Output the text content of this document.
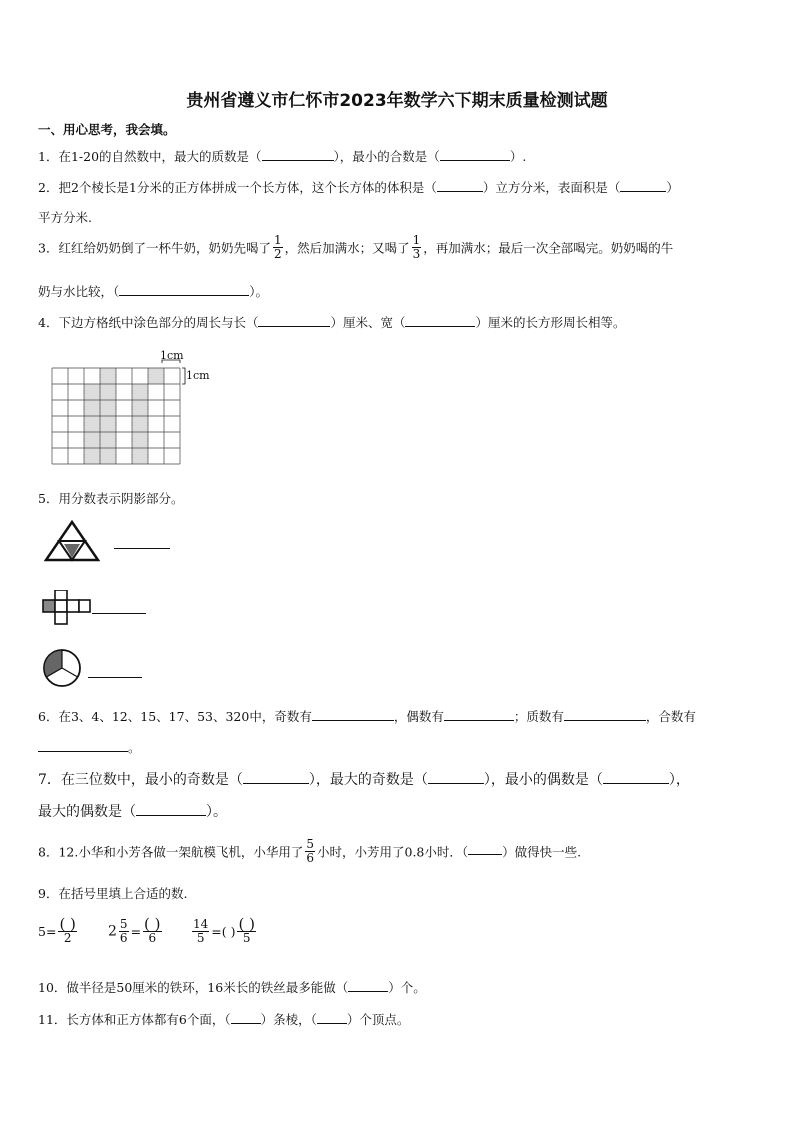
贵州省遵义市仁怀市2023年数学六下期末质量检测试题
一、用心思考，我会填。
1．在1-20的自然数中，最大的质数是（	），最小的合数是（	）.
2．把2个棱长是1分米的正方体拼成一个长方体，这个长方体的体积是（	）立方分米，表面积是（	）
平方分米.
3．红红给奶奶倒了一杯牛奶，奶奶先喝了 $\frac{1}{2}$ ，然后加满水；又喝了 $\frac{1}{3}$ ，再加满水；最后一次全部喝完。奶奶喝的牛
奶与水比较，（	）。
4．下边方格纸中涂色部分的周长与长（	）厘米、宽（	）厘米的长方形周长相等。
1cm
1cm
5．用分数表示阴影部分。
6．在3、4、12、15、17、53、320中，奇数有	，偶数有	；质数有	，合数有
。
7．在三位数中，最小的奇数是（	），最大的奇数是（	），最小的偶数是（	），
最大的偶数是（	）。
8．12.小华和小芳各做一架航模飞机，小华用了 $\frac{5}{6}$ 小时，小芳用了0.8小时．（	）做得快一些.
9．在括号里填上合适的数.
$5= \frac{( )}{2} 2 \frac{5}{6} = \frac{( )}{6}$	$\frac{14}{5}$ =( ) $\frac{( )}{5}$
10．做半径是50厘米的铁环，16米长的铁丝最多能做（	）个。
11．长方体和正方体都有6个面，（ ）条棱，（ ）个顶点。
